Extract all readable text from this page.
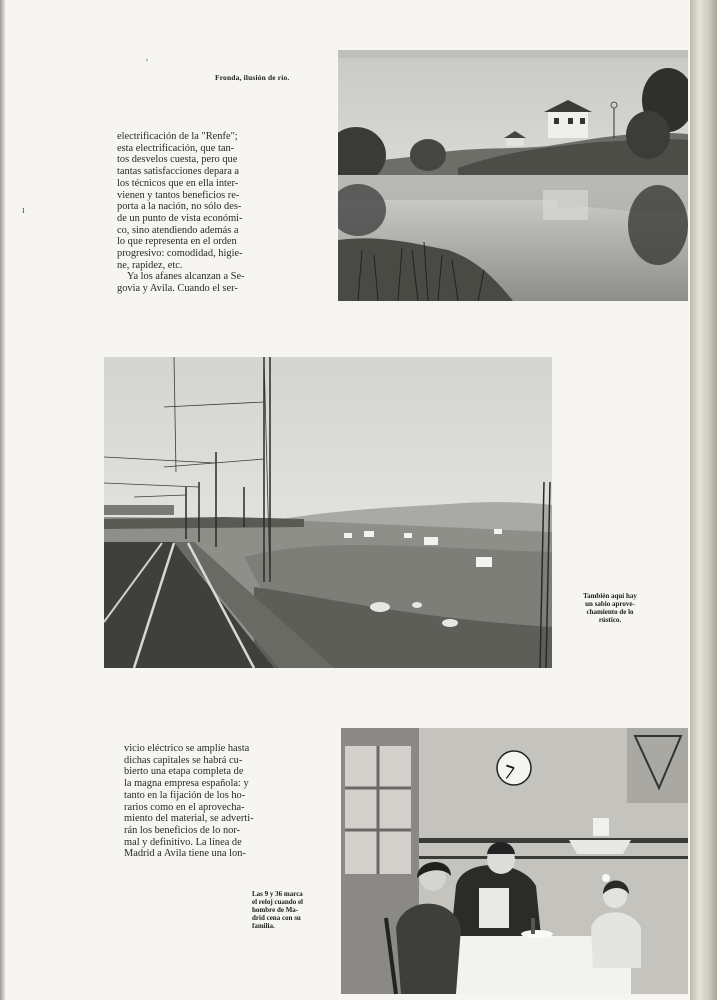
′
ı
Fronda, ilusión de río.
electrificación de la "Renfe";
esta electrificación, que tan-
tos desvelos cuesta, pero que
tantas satisfacciones depara a
los técnicos que en ella inter-
vienen y tantos beneficios re-
porta a la nación, no sólo des-
de un punto de vista económi-
co, sino atendiendo además a
lo que representa en el orden
progresivo: comodidad, higie-
ne, rapidez, etc.
Ya los afanes alcanzan a Se-
govia y Avila. Cuando el ser-
También aquí hay
un sabio aprove-
chamiento de lo
rústico.
vicio eléctrico se amplíe hasta
dichas capitales se habrá cu-
bierto una etapa completa de
la magna empresa española: y
tanto en la fijación de los ho-
rarios como en el aprovecha-
miento del material, se adverti-
rán los beneficios de lo nor-
mal y definitivo. La línea de
Madrid a Avila tiene una lon-
Las 9 y 36 marca
el reloj cuando el
hombre de Ma-
drid cena con su
familia.
